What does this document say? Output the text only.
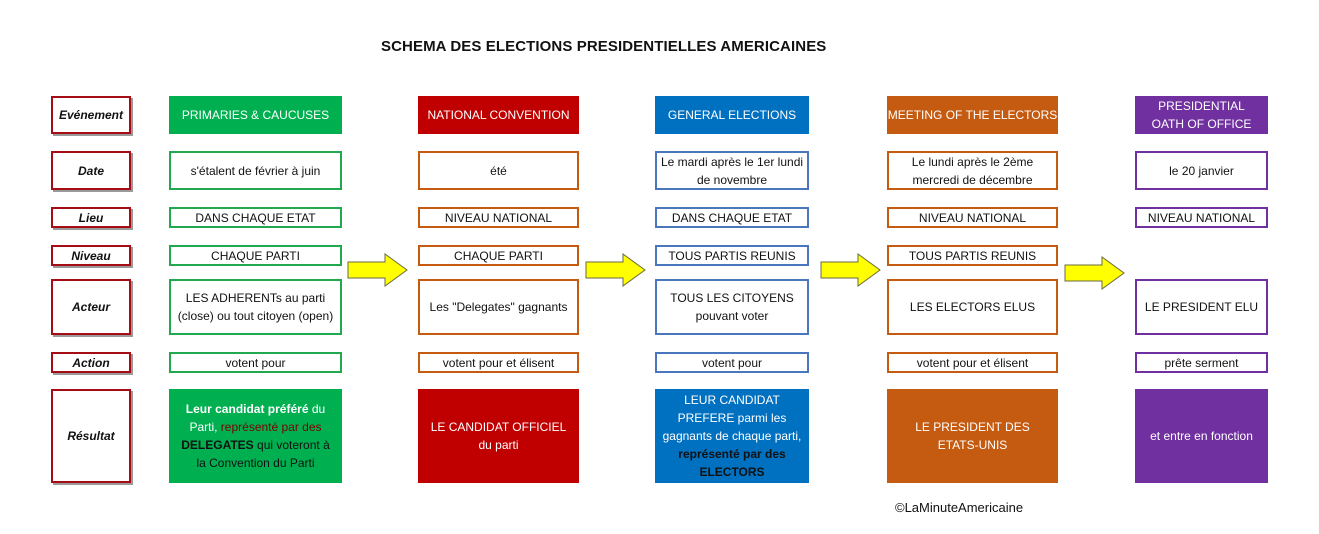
SCHEMA DES ELECTIONS PRESIDENTIELLES AMERICAINES
Evénement
Date
Lieu
Niveau
Acteur
Action
Résultat
PRIMARIES & CAUCUSES
s'étalent de février à juin
DANS CHAQUE ETAT
CHAQUE PARTI
LES ADHERENTs au parti
(close) ou tout citoyen (open)
votent pour
Leur candidat préféré du Parti, représenté par des DELEGATES qui voteront à la Convention du Parti
NATIONAL CONVENTION
été
NIVEAU NATIONAL
CHAQUE PARTI
Les "Delegates" gagnants
votent pour et élisent
LE CANDIDAT OFFICIEL du parti
GENERAL ELECTIONS
Le mardi après le 1er lundi
de novembre
DANS CHAQUE ETAT
TOUS PARTIS REUNIS
TOUS LES CITOYENS
pouvant voter
votent pour
LEUR CANDIDAT PREFERE parmi les gagnants de chaque parti, représenté par des ELECTORS
MEETING OF THE ELECTORS
Le lundi après le 2ème
mercredi de décembre
NIVEAU NATIONAL
TOUS PARTIS REUNIS
LES ELECTORS ELUS
votent pour et élisent
LE PRESIDENT DES ETATS-UNIS
PRESIDENTIAL OATH OF OFFICE
le 20 janvier
NIVEAU NATIONAL
LE PRESIDENT ELU
prête serment
et entre en fonction
©LaMinuteAmericaine
